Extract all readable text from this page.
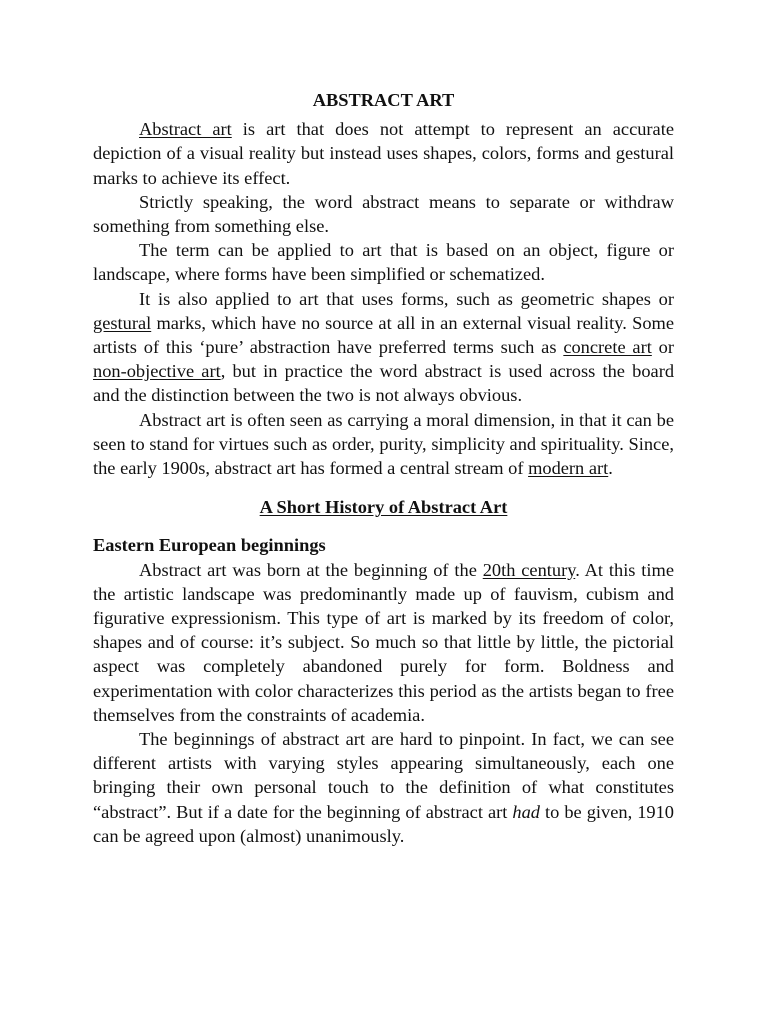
ABSTRACT ART

Abstract art is art that does not attempt to represent an accurate depiction of a visual reality but instead uses shapes, colors, forms and gestural marks to achieve its effect.

Strictly speaking, the word abstract means to separate or withdraw something from something else.

The term can be applied to art that is based on an object, figure or landscape, where forms have been simplified or schematized.

It is also applied to art that uses forms, such as geometric shapes or gestural marks, which have no source at all in an external visual reality. Some artists of this ‘pure’ abstraction have preferred terms such as concrete art or non-objective art, but in practice the word abstract is used across the board and the distinction between the two is not always obvious.

Abstract art is often seen as carrying a moral dimension, in that it can be seen to stand for virtues such as order, purity, simplicity and spirituality. Since, the early 1900s, abstract art has formed a central stream of modern art.

A Short History of Abstract Art
Eastern European beginnings

Abstract art was born at the beginning of the 20th century. At this time the artistic landscape was predominantly made up of fauvism, cubism and figurative expressionism. This type of art is marked by its freedom of color, shapes and of course: it’s subject. So much so that little by little, the pictorial aspect was completely abandoned purely for form. Boldness and experimentation with color characterizes this period as the artists began to free themselves from the constraints of academia.

The beginnings of abstract art are hard to pinpoint. In fact, we can see different artists with varying styles appearing simultaneously, each one bringing their own personal touch to the definition of what constitutes “abstract”. But if a date for the beginning of abstract art had to be given, 1910 can be agreed upon (almost) unanimously.
